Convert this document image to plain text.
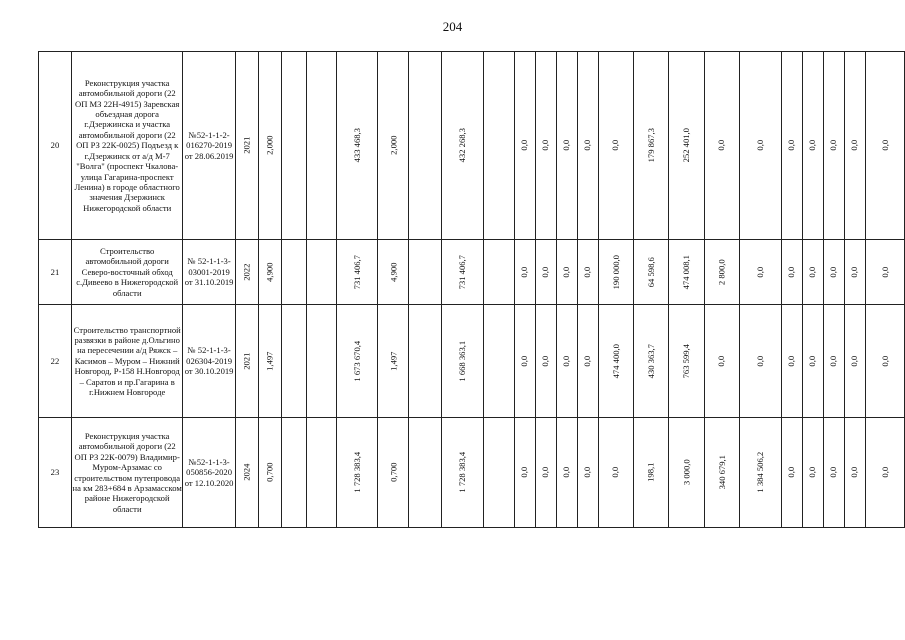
204
20	Реконструкция участка автомобильной дороги (22 ОП МЗ 22Н-4915) Заревская объездная дорога г.Дзержинска и участка автомобильной дороги (22 ОП РЗ 22К-0025) Подъезд к г.Дзержинск от а/д М-7 "Волга" (проспект Чкалова-улица Гагарина-проспект Ленина) в городе областного значения Дзержинск Нижегородской области	№52-1-1-2-016270-2019 от 28.06.2019	2021	2,000			433 468,3	2,000		432 268,3		0,0	0,0	0,0	0,0	0,0	179 867,3	252 401,0	0,0	0,0	0,0	0,0	0,0	0,0	0,0
21	Строительство автомобильной дороги Северо-восточный обход с.Дивеево в Нижегородской области	№ 52-1-1-3-03001-2019 от 31.10.2019	2022	4,900			731 406,7	4,900		731 406,7		0,0	0,0	0,0	0,0	190 000,0	64 598,6	474 008,1	2 800,0	0,0	0,0	0,0	0,0	0,0	0,0
22	Строительство транспортной развязки в районе д.Ольгино на пересечении а/д Ряжск – Касимов – Муром – Нижний Новгород, Р-158 Н.Новгород – Саратов и пр.Гагарина в г.Нижнем Новгороде	№ 52-1-1-3-026304-2019 от 30.10.2019	2021	1,497			1 673 670,4	1,497		1 668 363,1		0,0	0,0	0,0	0,0	474 400,0	430 363,7	763 599,4	0,0	0,0	0,0	0,0	0,0	0,0	0,0
23	Реконструкция участка автомобильной дороги (22 ОП РЗ 22К-0079) Владимир-Муром-Арзамас со строительством путепровода на км 283+684 в Арзамасском районе Нижегородской области	№52-1-1-3-050856-2020 от 12.10.2020	2024	0,700			1 728 383,4	0,700		1 728 383,4		0,0	0,0	0,0	0,0	0,0	198,1	3 000,0	340 679,1	1 384 506,2	0,0	0,0	0,0	0,0	0,0
